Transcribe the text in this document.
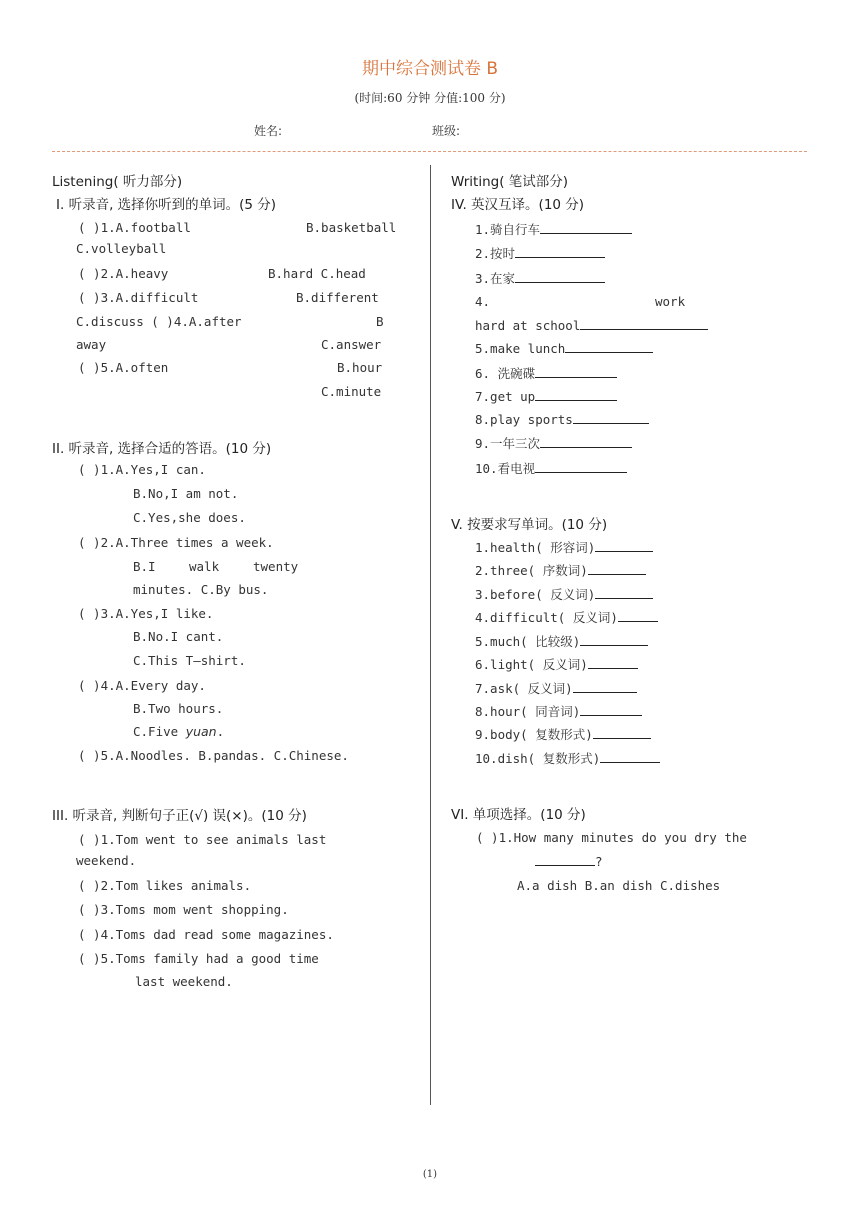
期中综合测试卷 B
(时间:60 分钟 分值:100 分)
姓名:	班级:
Listening( 听力部分)
Ⅰ. 听录音, 选择你听到的单词。(5 分)
( )1.A.football	B.basketball
C.volleyball
( )2.A.heavy	B.hard C.head
( )3.A.difficult	B.different
C.discuss ( )4.A.after	B
away	C.answer
( )5.A.often	B.hour
C.minute
II. 听录音, 选择合适的答语。(10 分)
( )1.A.Yes,I can.
B.No,I am not.
C.Yes,she does.
( )2.A.Three times a week.
B.I	walk	twenty
minutes. C.By bus.
( )3.A.Yes,I like.
B.No.I cant.
C.This T—shirt.
( )4.A.Every day.
B.Two hours.
C.Five yuan.
( )5.A.Noodles. B.pandas. C.Chinese.
III. 听录音, 判断句子正(√) 误(×)。(10 分)
( )1.Tom went to see animals last
weekend.
( )2.Tom likes animals.
( )3.Toms mom went shopping.
( )4.Toms dad read some magazines.
( )5.Toms family had a good time
last weekend.
Writing( 笔试部分)
IV. 英汉互译。(10 分)
1.骑自行车
2.按时
3.在家
4.	work
hard at school
5.make lunch
6. 洗碗碟
7.get up
8.play sports
9.一年三次
10.看电视
V. 按要求写单词。(10 分)
1.health( 形容词)
2.three( 序数词)
3.before( 反义词)
4.difficult( 反义词)
5.much( 比较级)
6.light( 反义词)
7.ask( 反义词)
8.hour( 同音词)
9.body( 复数形式)
10.dish( 复数形式)
VI. 单项选择。(10 分)
( )1.How many minutes do you dry the
?
A.a dish B.an dish C.dishes
(1)
